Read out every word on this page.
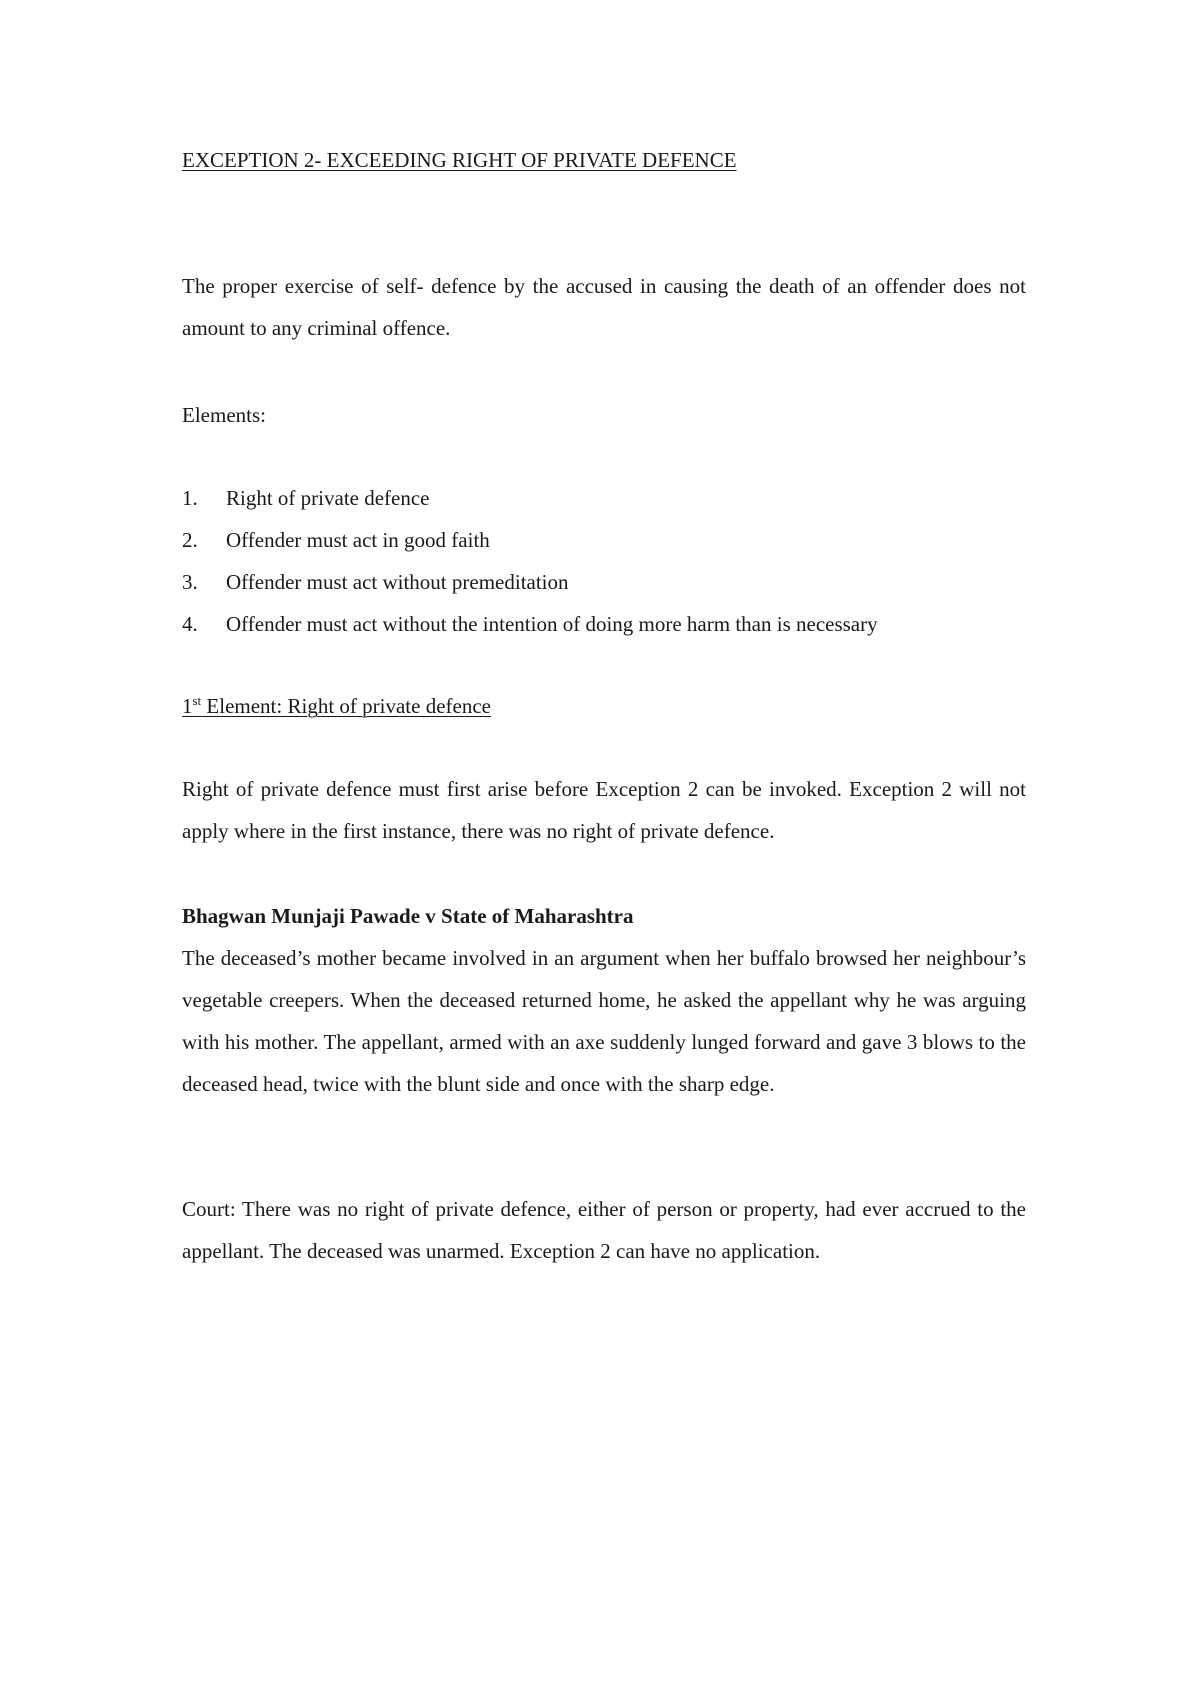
EXCEPTION 2- EXCEEDING RIGHT OF PRIVATE DEFENCE

The proper exercise of self- defence by the accused in causing the death of an offender does not amount to any criminal offence.

Elements:

1.	Right of private defence
2.	Offender must act in good faith
3.	Offender must act without premeditation
4.	Offender must act without the intention of doing more harm than is necessary

1st Element: Right of private defence

Right of private defence must first arise before Exception 2 can be invoked. Exception 2 will not apply where in the first instance, there was no right of private defence.

Bhagwan Munjaji Pawade v State of Maharashtra

The deceased’s mother became involved in an argument when her buffalo browsed her neighbour’s vegetable creepers. When the deceased returned home, he asked the appellant why he was arguing with his mother. The appellant, armed with an axe suddenly lunged forward and gave 3 blows to the deceased head, twice with the blunt side and once with the sharp edge.

Court: There was no right of private defence, either of person or property, had ever accrued to the appellant. The deceased was unarmed. Exception 2 can have no application.
